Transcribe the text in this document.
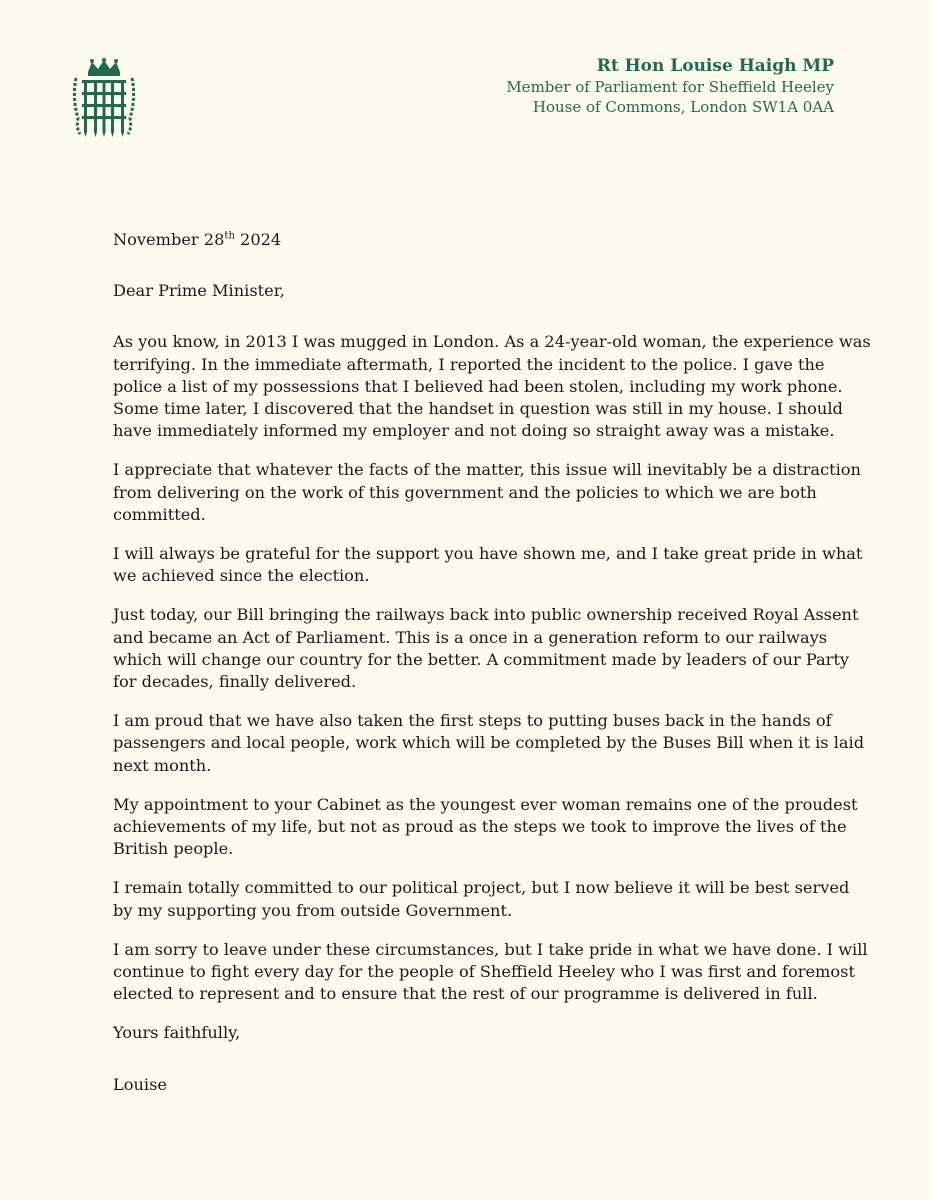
Rt Hon Louise Haigh MP
Member of Parliament for Sheffield Heeley
House of Commons, London SW1A 0AA

November 28th 2024

Dear Prime Minister,

As you know, in 2013 I was mugged in London. As a 24-year-old woman, the experience was terrifying. In the immediate aftermath, I reported the incident to the police. I gave the police a list of my possessions that I believed had been stolen, including my work phone. Some time later, I discovered that the handset in question was still in my house. I should have immediately informed my employer and not doing so straight away was a mistake.

I appreciate that whatever the facts of the matter, this issue will inevitably be a distraction from delivering on the work of this government and the policies to which we are both committed.

I will always be grateful for the support you have shown me, and I take great pride in what we achieved since the election.

Just today, our Bill bringing the railways back into public ownership received Royal Assent and became an Act of Parliament. This is a once in a generation reform to our railways which will change our country for the better. A commitment made by leaders of our Party for decades, finally delivered.

I am proud that we have also taken the first steps to putting buses back in the hands of passengers and local people, work which will be completed by the Buses Bill when it is laid next month.

My appointment to your Cabinet as the youngest ever woman remains one of the proudest achievements of my life, but not as proud as the steps we took to improve the lives of the British people.

I remain totally committed to our political project, but I now believe it will be best served by my supporting you from outside Government.

I am sorry to leave under these circumstances, but I take pride in what we have done. I will continue to fight every day for the people of Sheffield Heeley who I was first and foremost elected to represent and to ensure that the rest of our programme is delivered in full.

Yours faithfully,

Louise
